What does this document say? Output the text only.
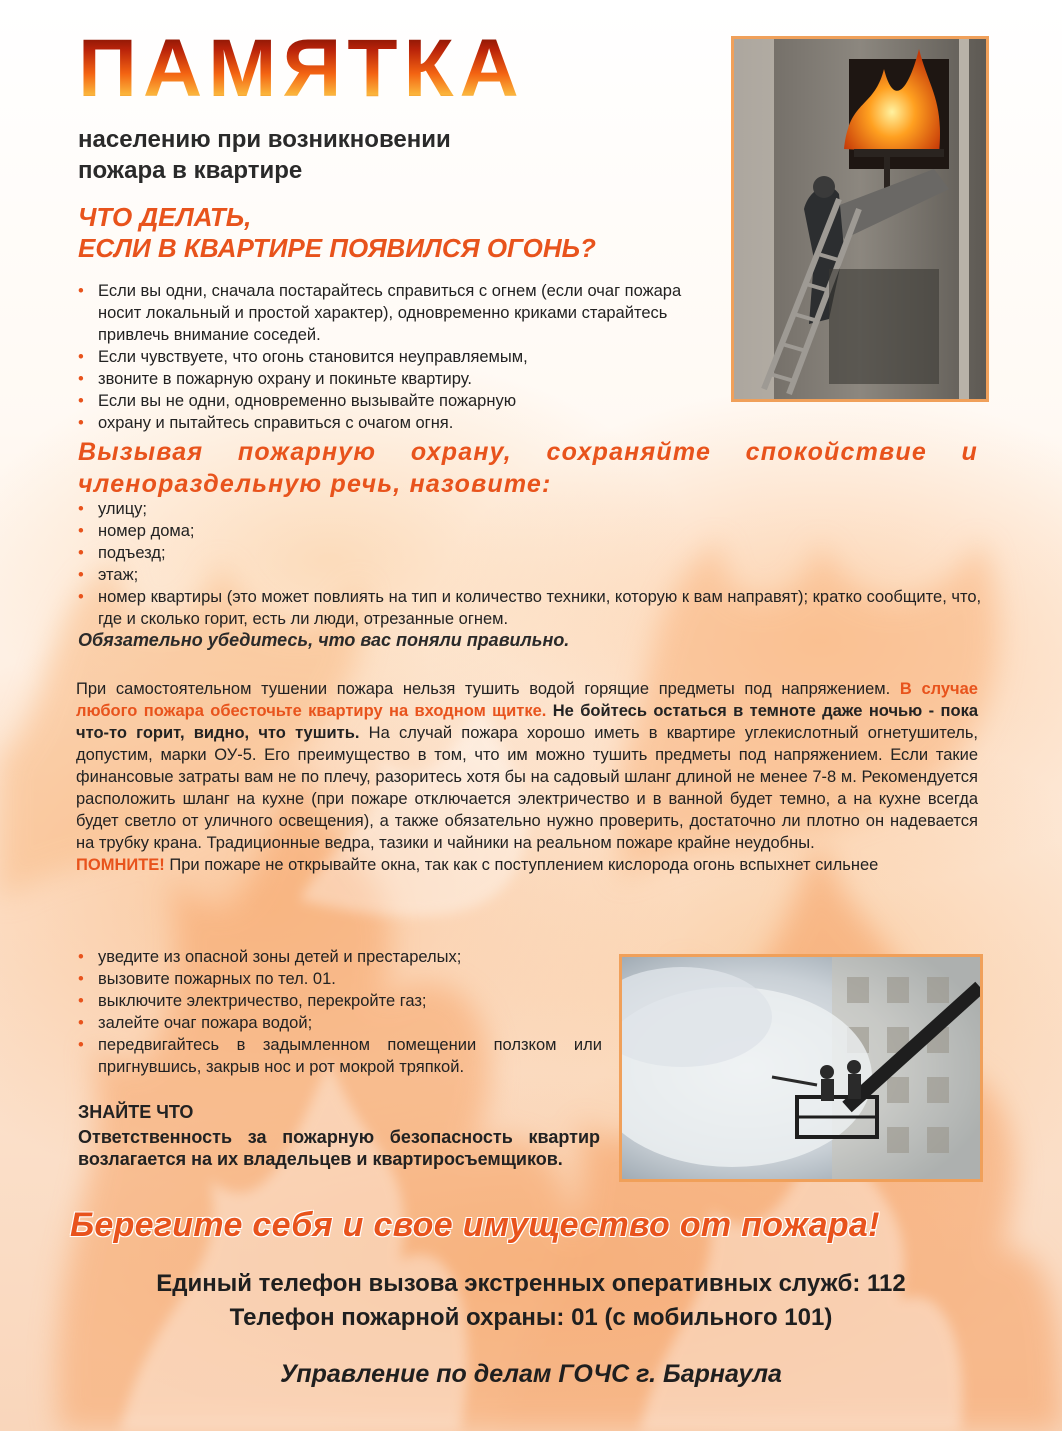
ПАМЯТКА
населению при возникновении
пожара в квартире
ЧТО ДЕЛАТЬ,
ЕСЛИ В КВАРТИРЕ ПОЯВИЛСЯ ОГОНЬ?
• Если вы одни, сначала постарайтесь справиться с огнем (если очаг пожара носит локальный и простой характер), одновременно криками старайтесь привлечь внимание соседей.
• Если чувствуете, что огонь становится неуправляемым,
• звоните в пожарную охрану и покиньте квартиру.
• Если вы не одни, одновременно вызывайте пожарную
• охрану и пытайтесь справиться с очагом огня.
Вызывая пожарную охрану, сохраняйте спокойствие и членораздельную речь, назовите:
• улицу;
• номер дома;
• подъезд;
• этаж;
• номер квартиры (это может повлиять на тип и количество техники, которую к вам направят); кратко сообщите, что, где и сколько горит, есть ли люди, отрезанные огнем.
Обязательно убедитесь, что вас поняли правильно.
При самостоятельном тушении пожара нельзя тушить водой горящие предметы под напряжением. В случае любого пожара обесточьте квартиру на входном щитке. Не бойтесь остаться в темноте даже ночью - пока что-то горит, видно, что тушить. На случай пожара хорошо иметь в квартире углекислотный огнетушитель, допустим, марки ОУ-5. Его преимущество в том, что им можно тушить предметы под напряжением. Если такие финансовые затраты вам не по плечу, разоритесь хотя бы на садовый шланг длиной не менее 7-8 м. Рекомендуется расположить шланг на кухне (при пожаре отключается электричество и в ванной будет темно, а на кухне всегда будет светло от уличного освещения), а также обязательно нужно проверить, достаточно ли плотно он надевается на трубку крана. Традиционные ведра, тазики и чайники на реальном пожаре крайне неудобны.
ПОМНИТЕ! При пожаре не открывайте окна, так как с поступлением кислорода огонь вспыхнет сильнее
• уведите из опасной зоны детей и престарелых;
• вызовите пожарных по тел. 01.
• выключите электричество, перекройте газ;
• залейте очаг пожара водой;
• передвигайтесь в задымленном помещении ползком или пригнувшись, закрыв нос и рот мокрой тряпкой.
ЗНАЙТЕ ЧТО
Ответственность за пожарную безопасность квартир возлагается на их владельцев и квартиросъемщиков.
Берегите себя и свое имущество от пожара!
Единый телефон вызова экстренных оперативных служб: 112
Телефон пожарной охраны: 01 (с мобильного 101)
Управление по делам ГОЧС г. Барнаула
